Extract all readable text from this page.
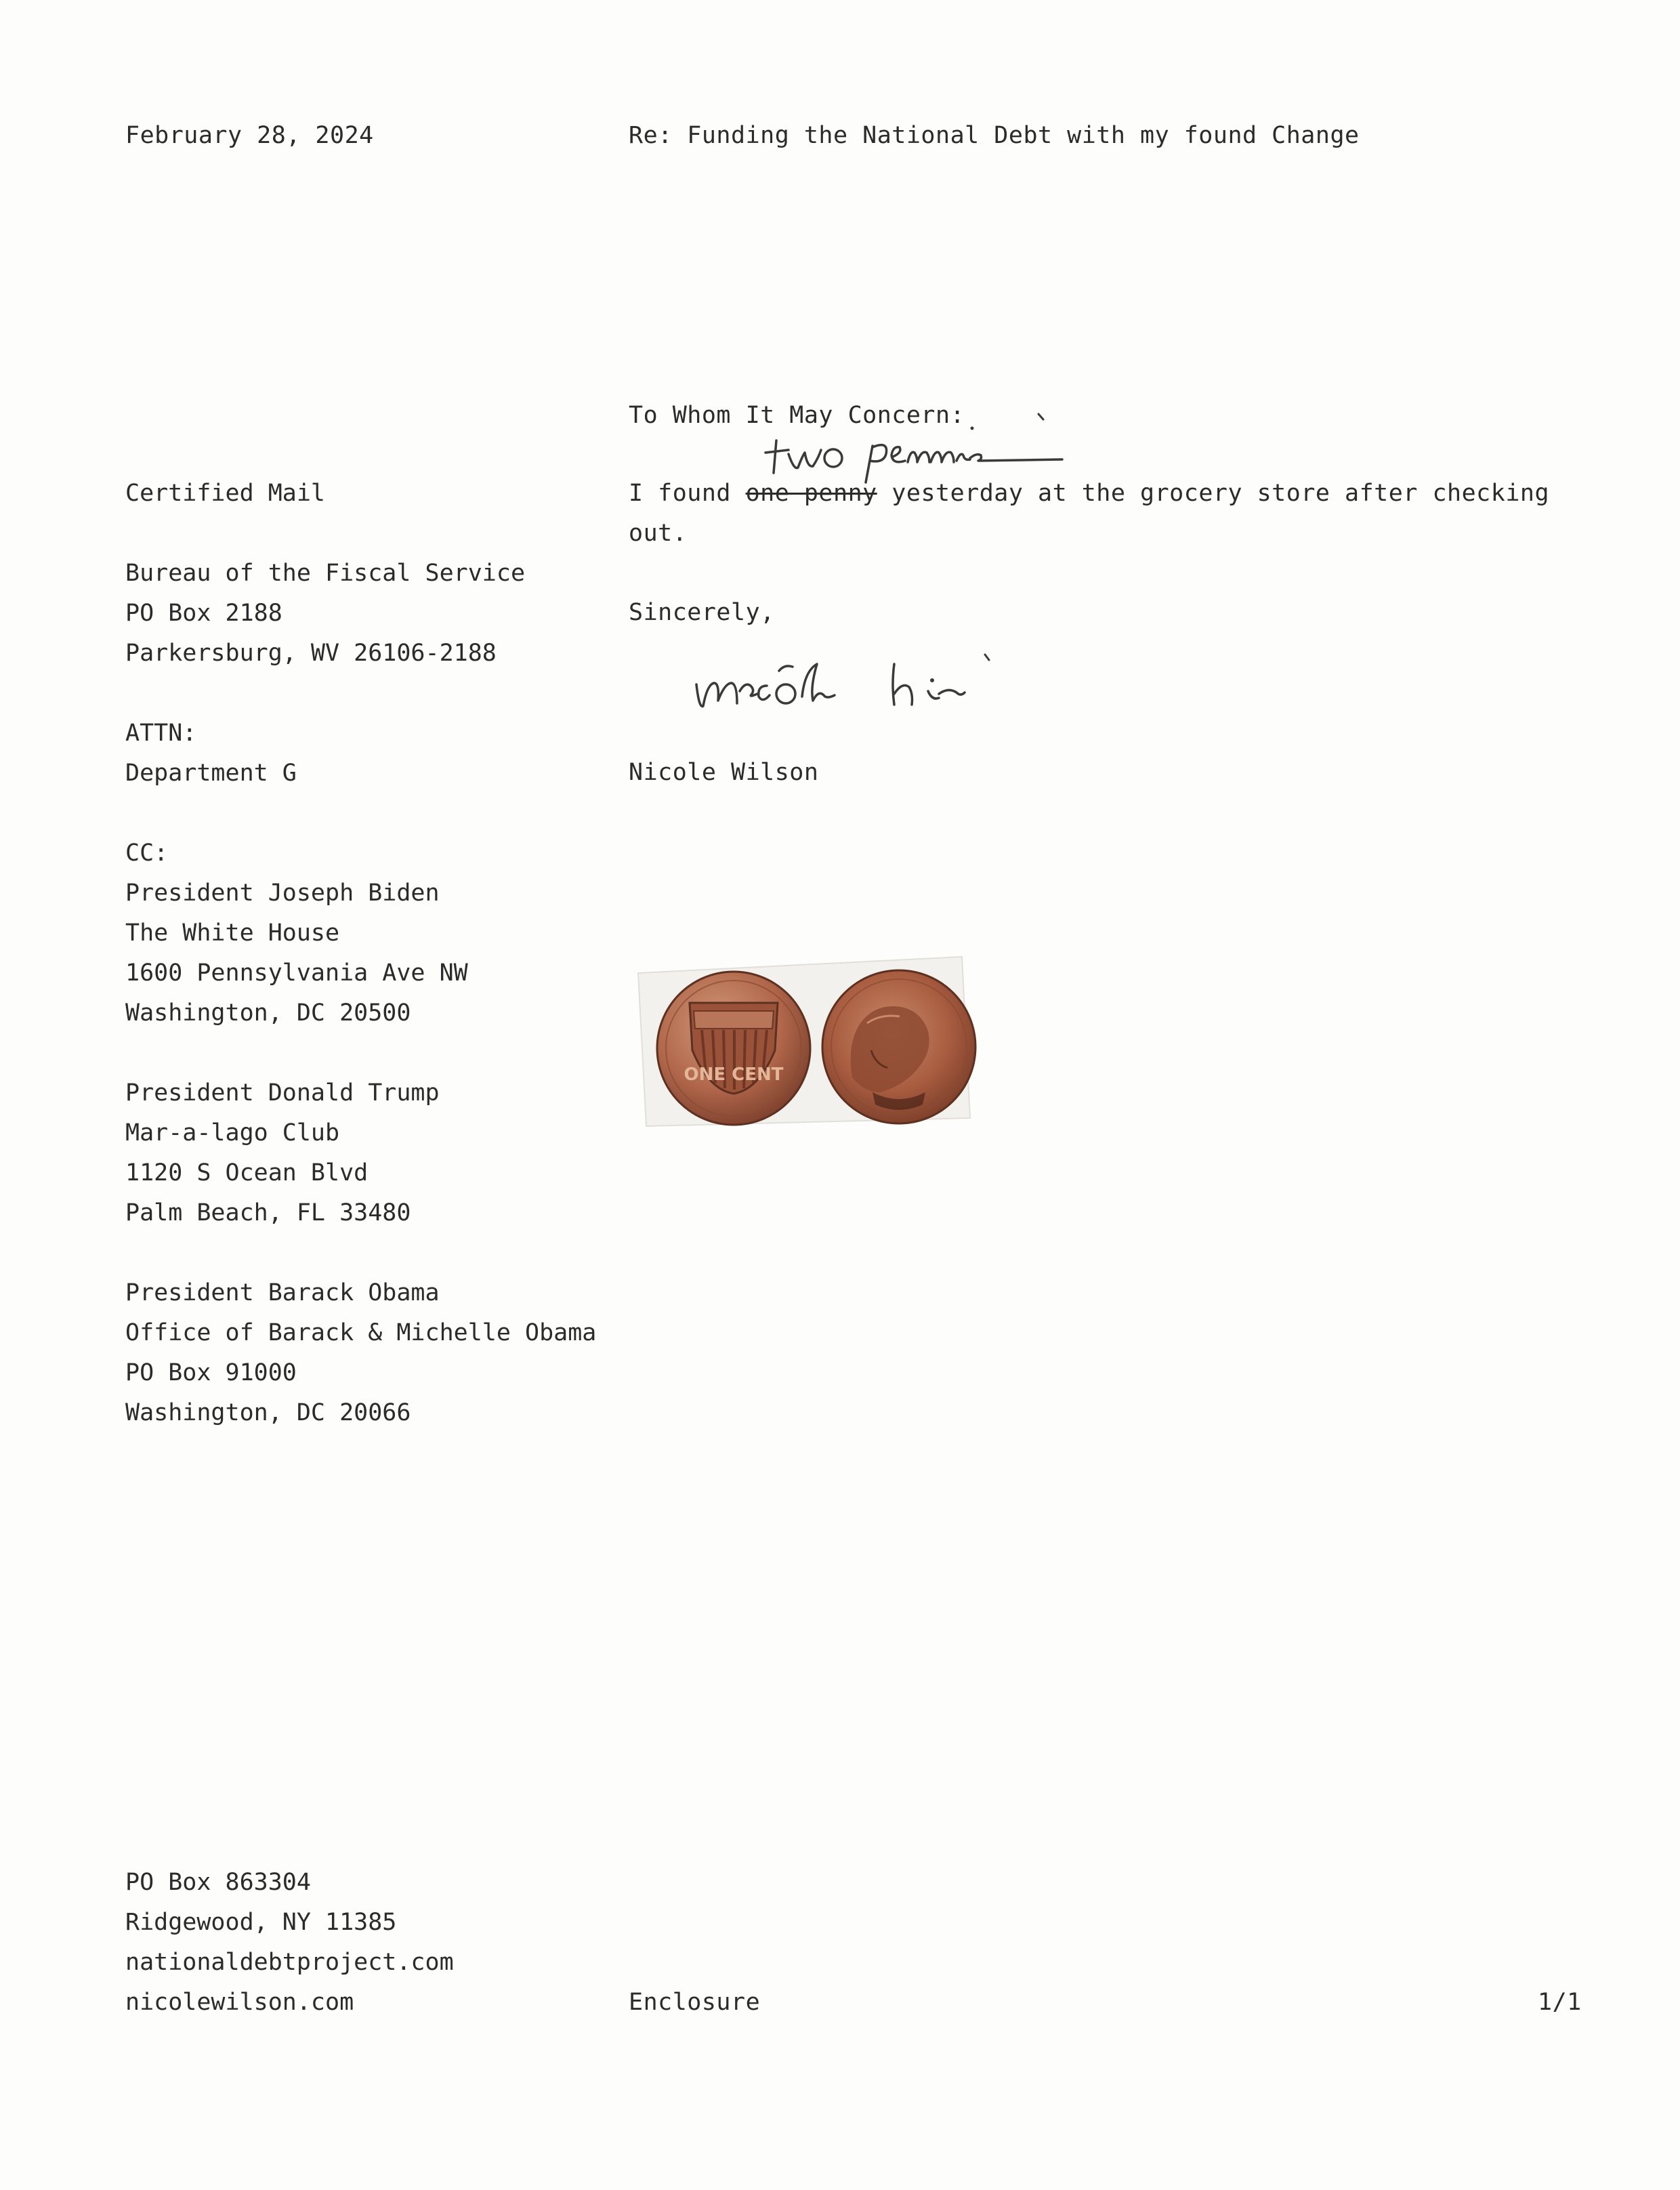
February 28, 2024	Re: Funding the National Debt with my found Change
To Whom It May Concern:
Certified Mail
Bureau of the Fiscal Service
PO Box 2188
Parkersburg, WV 26106-2188
ATTN:
Department G
CC:
President Joseph Biden
The White House
1600 Pennsylvania Ave NW
Washington, DC 20500
President Donald Trump
Mar-a-lago Club
1120 S Ocean Blvd
Palm Beach, FL 33480
President Barack Obama
Office of Barack & Michelle Obama
PO Box 91000
Washington, DC 20066
I found one penny yesterday at the grocery store after checking
out.
Sincerely,
Nicole Wilson
ONE CENT
PO Box 863304
Ridgewood, NY 11385
nationaldebtproject.com
nicolewilson.com	Enclosure	1/1
